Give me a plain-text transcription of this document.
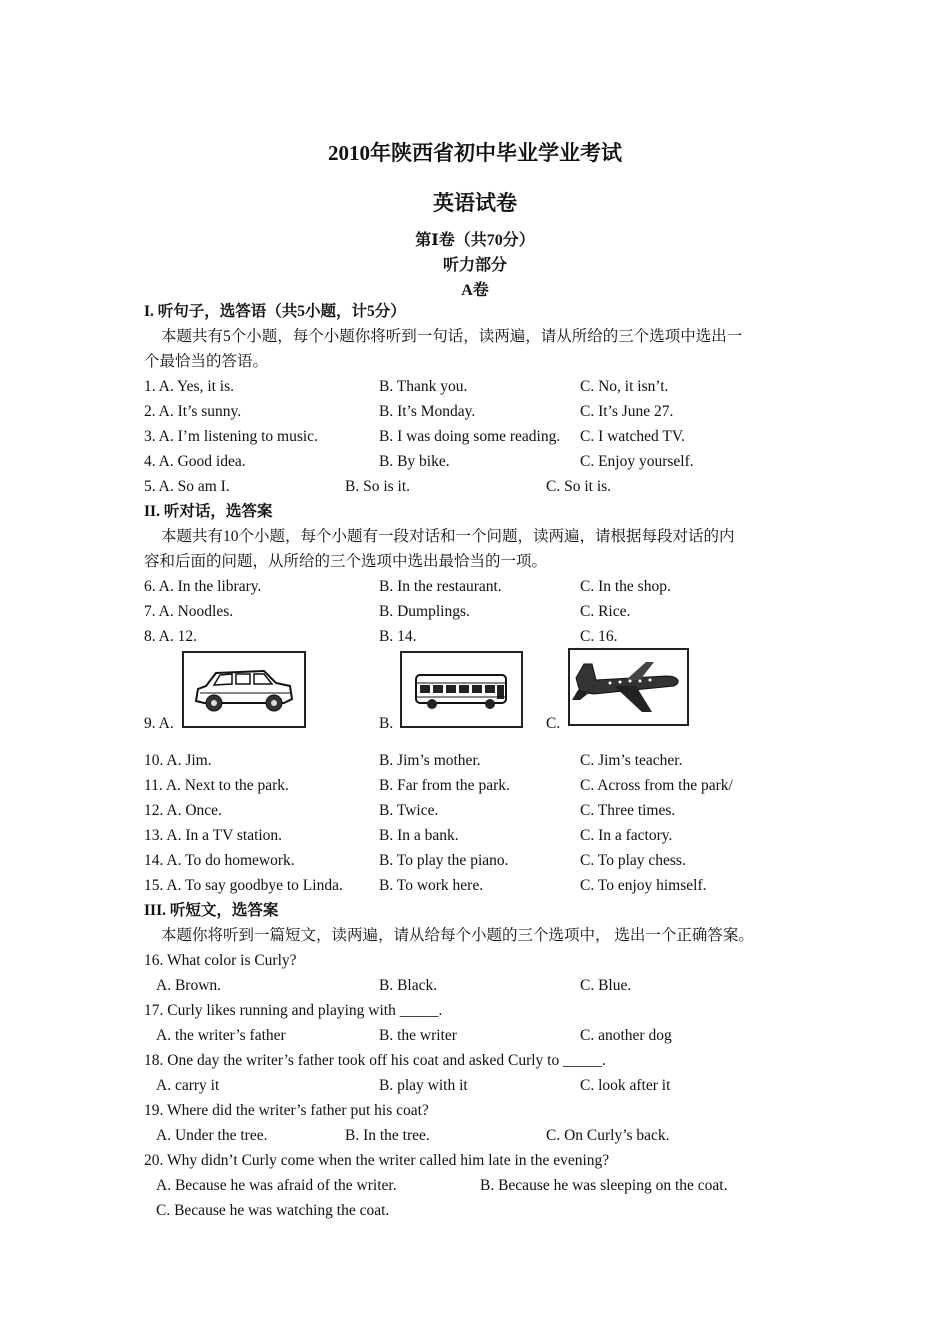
2010年陕西省初中毕业学业考试
英语试卷
第Ⅰ卷（共70分）
听力部分
A卷
I. 听句子，选答语（共5小题，计5分）
本题共有5个小题，每个小题你将听到一句话，读两遍，请从所给的三个选项中选出一
个最恰当的答语。
1. A. Yes, it is.	B. Thank you.	C. No, it isn’t.
2. A. It’s sunny.	B. It’s Monday.	C. It’s June 27.
3. A. I’m listening to music.	B. I was doing some reading. C. I watched TV.
4. A. Good idea.	B. By bike.	C. Enjoy yourself.
5. A. So am I.	B. So is it.	C. So it is.
II. 听对话，选答案
本题共有10个小题，每个小题有一段对话和一个问题，读两遍，请根据每段对话的内
容和后面的问题，从所给的三个选项中选出最恰当的一项。
6. A. In the library.	B. In the restaurant.	C. In the shop.
7. A. Noodles.	B. Dumplings.	C. Rice.
8. A. 12.	B. 14.	C. 16.
9. A.	B.	C.
10. A. Jim.	B. Jim’s mother.	C. Jim’s teacher.
11. A. Next to the park.	B. Far from the park.	C. Across from the park/
12. A. Once.	B. Twice.	C. Three times.
13. A. In a TV station.	B. In a bank.	C. In a factory.
14. A. To do homework.	B. To play the piano.	C. To play chess.
15. A. To say goodbye to Linda. B. To work here.	C. To enjoy himself.
III. 听短文，选答案
本题你将听到一篇短文，读两遍，请从给每个小题的三个选项中， 选出一个正确答案。
16. What color is Curly?
A. Brown.	B. Black.	C. Blue.
17. Curly likes running and playing with _____.
A. the writer’s father	B. the writer	C. another dog
18. One day the writer’s father took off his coat and asked Curly to _____.
A. carry it	B. play with it	C. look after it
19. Where did the writer’s father put his coat?
A. Under the tree.	B. In the tree.	C. On Curly’s back.
20. Why didn’t Curly come when the writer called him late in the evening?
A. Because he was afraid of the writer.	B. Because he was sleeping on the coat.
C. Because he was watching the coat.
